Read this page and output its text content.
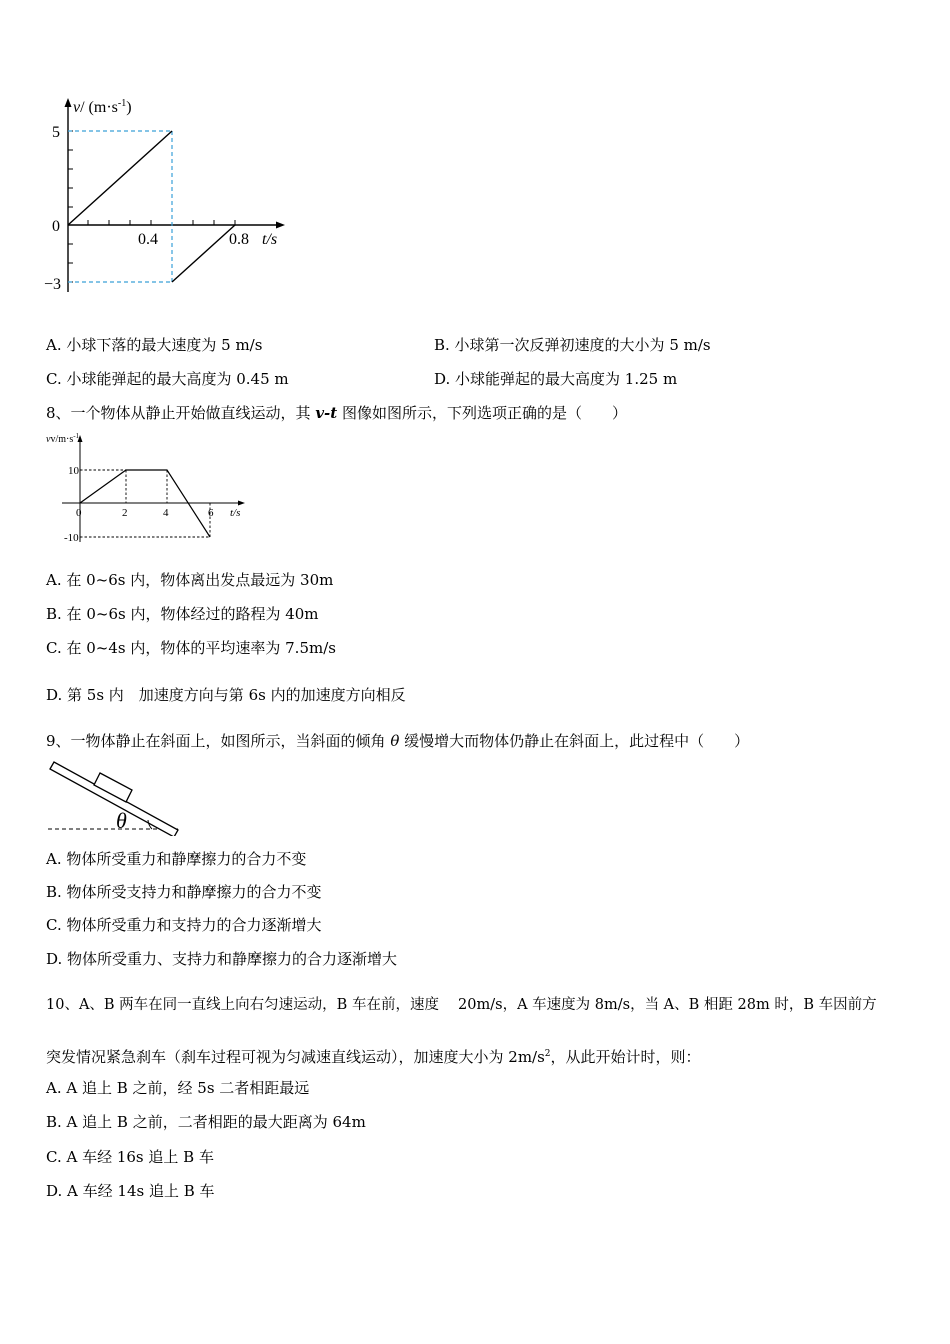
v/ $(m\cdot s^{-1})$
5
0
−3
0.4	0.8 t/s
A. 小球下落的最大速度为 5 m/s	B. 小球第一次反弹初速度的大小为 5 m/s
C. 小球能弹起的最大高度为 0.45 m	D. 小球能弹起的最大高度为 1.25 m
8、一个物体从静止开始做直线运动，其 v-t 图像如图所示，下列选项正确的是（　　）
$vv/m\cdot s^{-1}$
10
0
-10
2	4	6 t/s
A. 在 0~6s 内，物体离出发点最远为 30m
B. 在 0~6s 内，物体经过的路程为 40m
C. 在 0~4s 内，物体的平均速率为 7.5m/s
D. 第 5s 内　加速度方向与第 6s 内的加速度方向相反
9、一物体静止在斜面上，如图所示，当斜面的倾角 θ 缓慢增大而物体仍静止在斜面上，此过程中（　　）
θ
A. 物体所受重力和静摩擦力的合力不变
B. 物体所受支持力和静摩擦力的合力不变
C. 物体所受重力和支持力的合力逐渐增大
D. 物体所受重力、支持力和静摩擦力的合力逐渐增大
10、A、B 两车在同一直线上向右匀速运动，B 车在前，速度　 20m/s，A 车速度为 8m/s，当 A、B 相距 28m 时，B 车因前方
突发情况紧急刹车（刹车过程可视为匀减速直线运动），加速度大小为 $2m/s^2$，从此开始计时，则：
A. A 追上 B 之前，经 5s 二者相距最远
B. A 追上 B 之前，二者相距的最大距离为 64m
C. A 车经 16s 追上 B 车
D. A 车经 14s 追上 B 车
